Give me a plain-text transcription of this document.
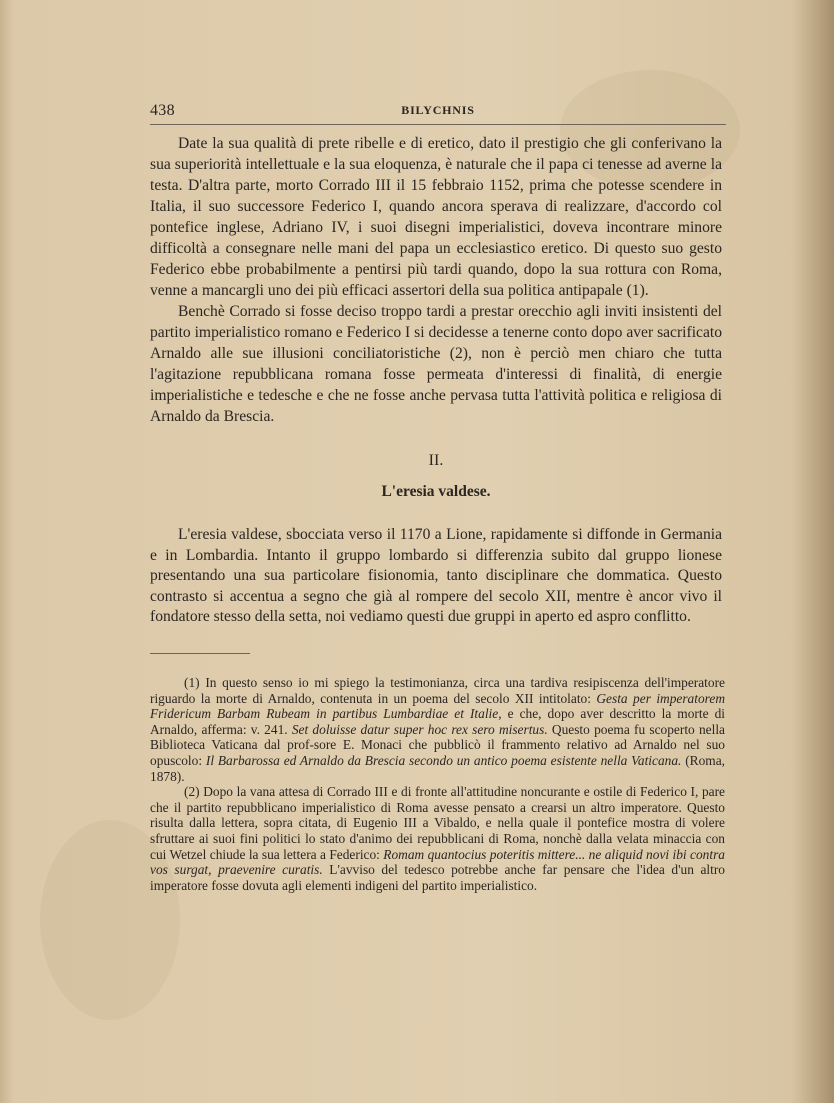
438	BILYCHNIS

Date la sua qualità di prete ribelle e di eretico, dato il prestigio che gli conferivano la sua superiorità intellettuale e la sua eloquenza, è naturale che il papa ci tenesse ad averne la testa. D'altra parte, morto Corrado III il 15 febbraio 1152, prima che potesse scendere in Italia, il suo successore Federico I, quando ancora sperava di realizzare, d'accordo col pontefice inglese, Adriano IV, i suoi disegni imperialistici, doveva incontrare minore difficoltà a consegnare nelle mani del papa un ecclesiastico eretico. Di questo suo gesto Federico ebbe probabilmente a pentirsi più tardi quando, dopo la sua rottura con Roma, venne a mancargli uno dei più efficaci assertori della sua politica antipapale (1).

Benchè Corrado si fosse deciso troppo tardi a prestar orecchio agli inviti insistenti del partito imperialistico romano e Federico I si decidesse a tenerne conto dopo aver sacrificato Arnaldo alle sue illusioni conciliatoristiche (2), non è perciò men chiaro che tutta l'agitazione repubblicana romana fosse permeata d'interessi di finalità, di energie imperialistiche e tedesche e che ne fosse anche pervasa tutta l'attività politica e religiosa di Arnaldo da Brescia.

II.
L'eresia valdese.

L'eresia valdese, sbocciata verso il 1170 a Lione, rapidamente si diffonde in Germania e in Lombardia. Intanto il gruppo lombardo si differenzia subito dal gruppo lionese presentando una sua particolare fisionomia, tanto disciplinare che dommatica. Questo contrasto si accentua a segno che già al rompere del secolo XII, mentre è ancor vivo il fondatore stesso della setta, noi vediamo questi due gruppi in aperto ed aspro conflitto.

(1) In questo senso io mi spiego la testimonianza, circa una tardiva resipiscenza dell'imperatore riguardo la morte di Arnaldo, contenuta in un poema del secolo XII intitolato: Gesta per imperatorem Fridericum Barbam Rubeam in partibus Lumbardiae et Italie, e che, dopo aver descritto la morte di Arnaldo, afferma: v. 241. Set doluisse datur super hoc rex sero misertus. Questo poema fu scoperto nella Biblioteca Vaticana dal prof-sore E. Monaci che pubblicò il frammento relativo ad Arnaldo nel suo opuscolo: Il Barbarossa ed Arnaldo da Brescia secondo un antico poema esistente nella Vaticana. (Roma, 1878).

(2) Dopo la vana attesa di Corrado III e di fronte all'attitudine noncurante e ostile di Federico I, pare che il partito repubblicano imperialistico di Roma avesse pensato a crearsi un altro imperatore. Questo risulta dalla lettera, sopra citata, di Eugenio III a Vibaldo, e nella quale il pontefice mostra di volere sfruttare ai suoi fini politici lo stato d'animo dei repubblicani di Roma, nonchè dalla velata minaccia con cui Wetzel chiude la sua lettera a Federico: Romam quantocius poteritis mittere... ne aliquid novi ibi contra vos surgat, praevenire curatis. L'avviso del tedesco potrebbe anche far pensare che l'idea d'un altro imperatore fosse dovuta agli elementi indigeni del partito imperialistico.
